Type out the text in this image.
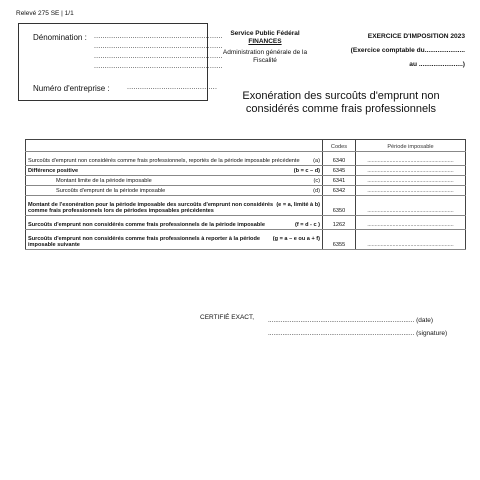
Relevé 275 SE | 1/1
Dénomination : ............................................................
............................................................
............................................................
............................................................
Numéro d'entreprise : ..........................................
Service Public Fédéral
FINANCES
Administration générale de la Fiscalité
EXERCICE D'IMPOSITION 2023
(Exercice comptable du......................
au ........................)
Exonération des surcoûts d'emprunt non considérés comme frais professionnels
	Codes	Période imposable

(a)
Surcoûts d'emprunt non considérés comme frais professionnels, reportés de la période imposable précédente	6340	..........................................................

(b = c – d)
Différence positive	6345	..........................................................

(c)
Montant limite de la période imposable	6341	..........................................................

(d)
Surcoûts d'emprunt de la période imposable	6342	..........................................................

(e = a, limité à b)
Montant de l'exonération pour la période imposable des surcoûts d'emprunt non considérés comme frais professionnels lors de périodes imposables précédentes	6350	..........................................................

(f = d - c )
Surcoûts d'emprunt non considérés comme frais professionnels de la période imposable	1262	..........................................................

(g = a – e ou a + f)
Surcoûts d'emprunt non considérés comme frais professionnels à reporter à la période imposable suivante	6355	..........................................................
CERTIFIÉ EXACT, ................................................................................. (date)
................................................................................. (signature)
